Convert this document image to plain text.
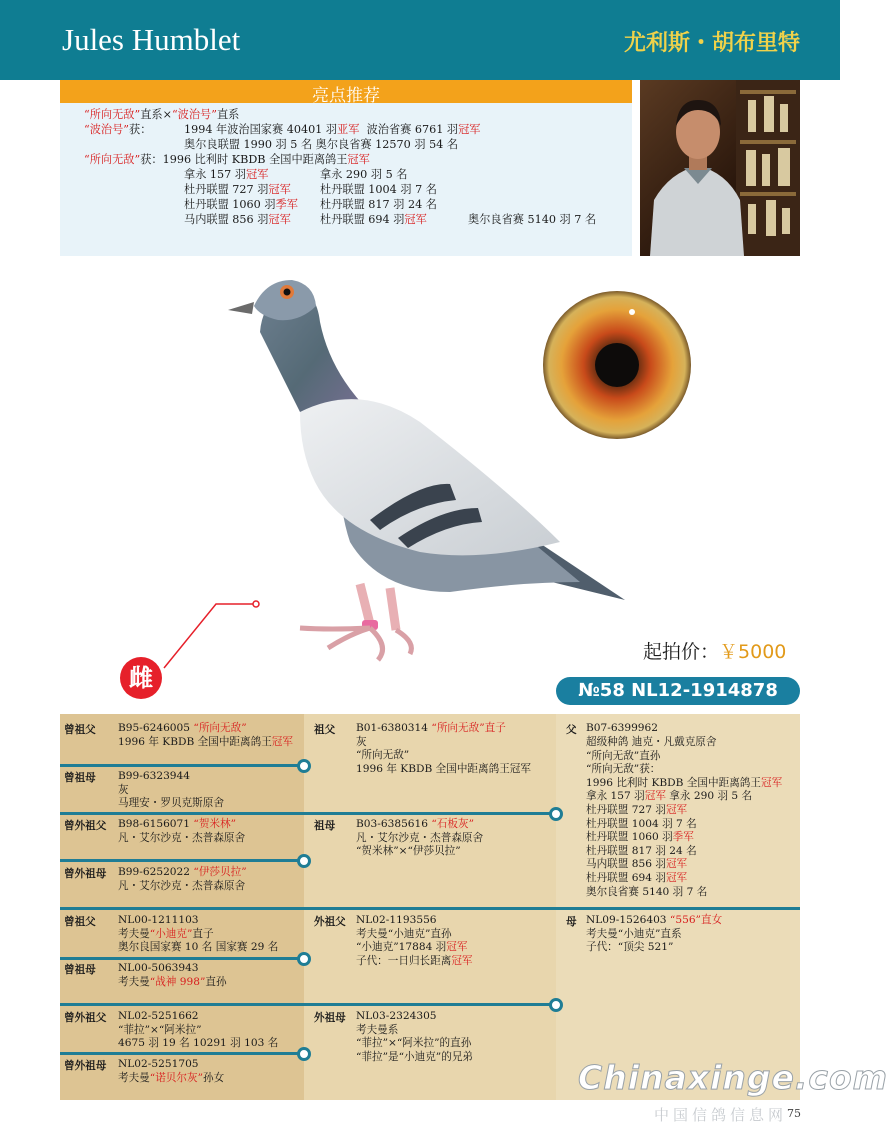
Jules Humblet	尤利斯・胡布里特
亮点推荐
“所向无敌”直系×“波治号”直系
“波治号”获：	1994 年波治国家赛 40401 羽亚军 波治省赛 6761 羽冠军
奥尔良联盟 1990 羽 5 名 奥尔良省赛 12570 羽 54 名
“所向无敌”获：1996 比利时 KBDB 全国中距离鸽王冠军
拿永 157 羽冠军	拿永 290 羽 5 名
杜丹联盟 727 羽冠军	杜丹联盟 1004 羽 7 名
杜丹联盟 1060 羽季军 杜丹联盟 817 羽 24 名
马内联盟 856 羽冠军	杜丹联盟 694 羽冠军	奥尔良省赛 5140 羽 7 名
起拍价：￥5000
№58 NL12-1914878
雌
曾祖父 B95-6246005 “所向无敌”
1996 年 KBDB 全国中距离鸽王冠军
曾祖母 B99-6323944
灰
马理安・罗贝克斯原舍
曾外祖父 B98-6156071 “贺米林”
凡・艾尔沙克・杰普森原舍
曾外祖母 B99-6252022 “伊莎贝拉”
凡・艾尔沙克・杰普森原舍
曾祖父 NL00-1211103
考夫曼“小迪克”直子
奥尔良国家赛 10 名 国家赛 29 名
曾祖母 NL00-5063943
考夫曼“战神 998”直孙
曾外祖父 NL02-5251662
“菲拉”×“阿米拉”
4675 羽 19 名 10291 羽 103 名
曾外祖母 NL02-5251705
考夫曼“诺贝尔灰”孙女
祖父 B01-6380314 “所向无敌”直子
灰
“所向无敌”
1996 年 KBDB 全国中距离鸽王冠军
祖母 B03-6385616 “石板灰”
凡・艾尔沙克・杰普森原舍
“贺米林”×“伊莎贝拉”
外祖父 NL02-1193556
考夫曼“小迪克”直孙
“小迪克”17884 羽冠军
子代：一日归长距离冠军
外祖母 NL03-2324305
考夫曼系
“菲拉”×“阿米拉”的直孙
“菲拉”是“小迪克”的兄弟
父 B07-6399962
超级种鸽 迪克・凡戴克原舍
“所向无敌”直孙
“所向无敌”获：
1996 比利时 KBDB 全国中距离鸽王冠军
拿永 157 羽冠军 拿永 290 羽 5 名
杜丹联盟 727 羽冠军
杜丹联盟 1004 羽 7 名
杜丹联盟 1060 羽季军
杜丹联盟 817 羽 24 名
马内联盟 856 羽冠军
杜丹联盟 694 羽冠军
奥尔良省赛 5140 羽 7 名
母 NL09-1526403 “556”直女
考夫曼“小迪克”直系
子代：“顶尖 521”
Chinaxinge.com
中国信鸽信息网 75
